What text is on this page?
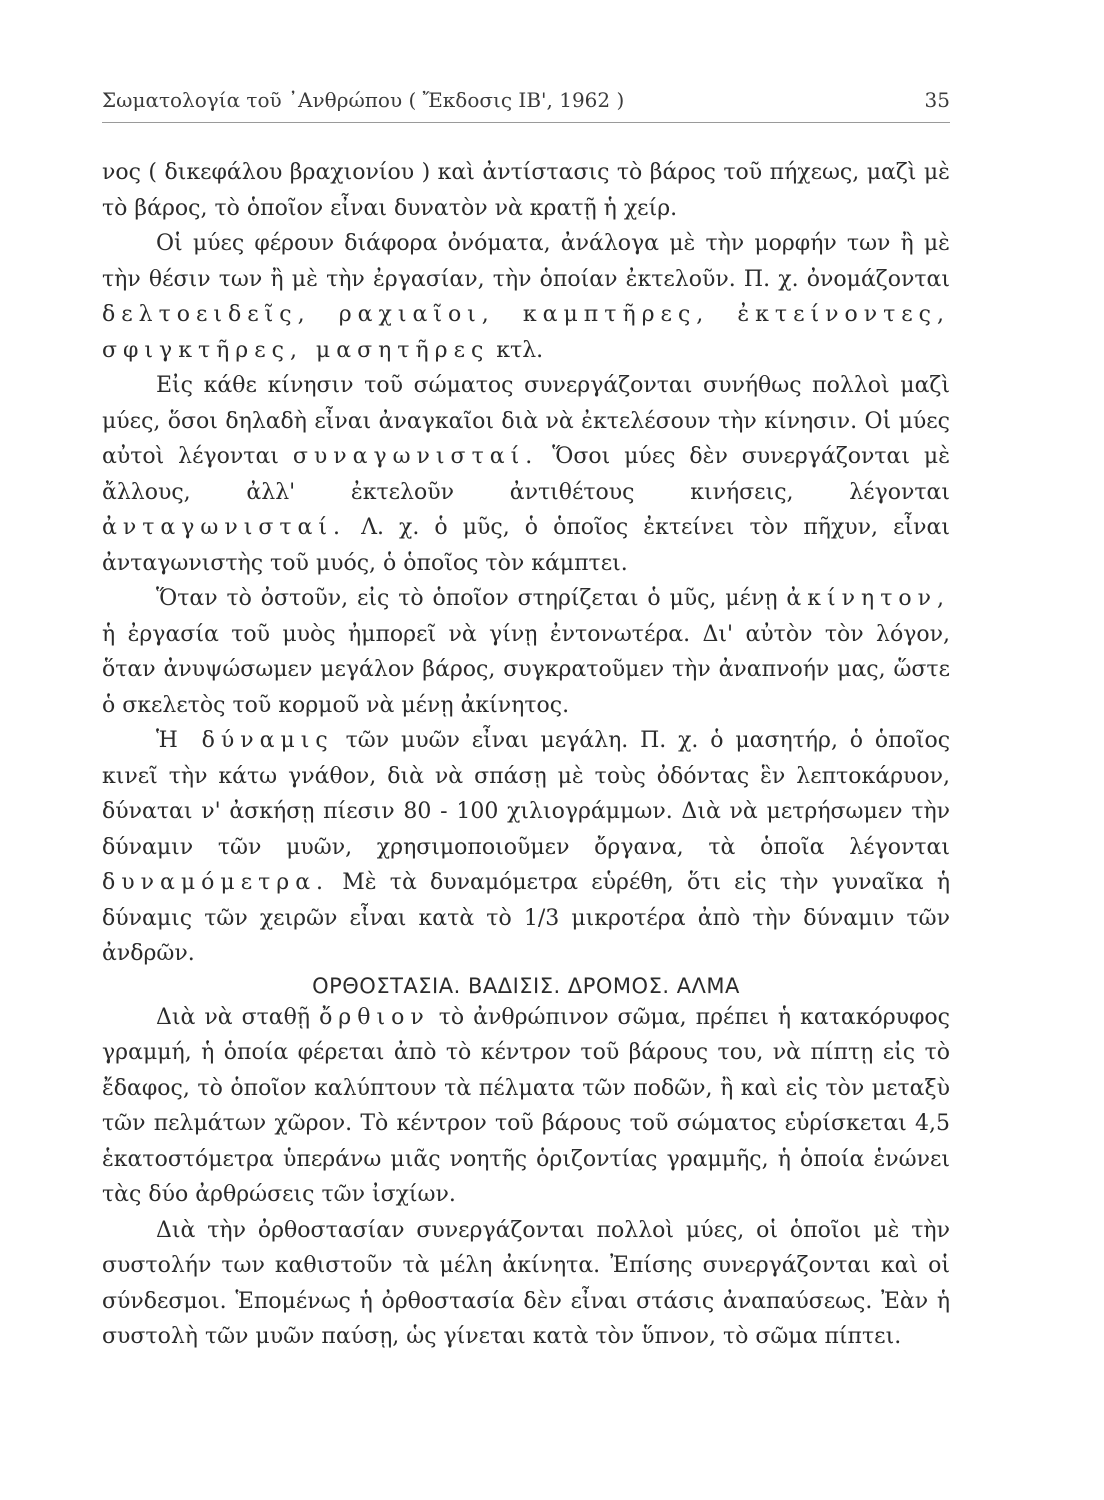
Σωματολογία τοῦ ᾿Ανθρώπου ( Ἔκδοσις ΙΒ', 1962 )	35

νος ( δικεφάλου βραχιονίου ) καὶ ἀντίστασις τὸ βάρος τοῦ πήχεως, μαζὶ μὲ τὸ βάρος, τὸ ὁποῖον εἶναι δυνατὸν νὰ κρατῇ ἡ χείρ.

Οἱ μύες φέρουν διάφορα ὀνόματα, ἀνάλογα μὲ τὴν μορφήν των ἢ μὲ τὴν θέσιν των ἢ μὲ τὴν ἐργασίαν, τὴν ὁποίαν ἐκτελοῦν. Π. χ. ὀνομάζονται δελτοειδεῖς, ραχιαῖοι, καμπτῆρες, ἐκτείνοντες, σφιγκτῆρες, μασητῆρες κτλ.

Εἰς κάθε κίνησιν τοῦ σώματος συνεργάζονται συνήθως πολλοὶ μαζὶ μύες, ὅσοι δηλαδὴ εἶναι ἀναγκαῖοι διὰ νὰ ἐκτελέσουν τὴν κίνησιν. Οἱ μύες αὐτοὶ λέγονται συναγωνισταί. Ὅσοι μύες δὲν συνεργάζονται μὲ ἄλλους, ἀλλ' ἐκτελοῦν ἀντιθέτους κινήσεις, λέγονται ἀνταγωνισταί. Λ. χ. ὁ μῦς, ὁ ὁποῖος ἐκτείνει τὸν πῆχυν, εἶναι ἀνταγωνιστὴς τοῦ μυός, ὁ ὁποῖος τὸν κάμπτει.

Ὅταν τὸ ὀστοῦν, εἰς τὸ ὁποῖον στηρίζεται ὁ μῦς, μένῃ ἀκίνητον, ἡ ἐργασία τοῦ μυὸς ἠμπορεῖ νὰ γίνῃ ἐντονωτέρα. Δι' αὐτὸν τὸν λόγον, ὅταν ἀνυψώσωμεν μεγάλον βάρος, συγκρατοῦμεν τὴν ἀναπνοήν μας, ὥστε ὁ σκελετὸς τοῦ κορμοῦ νὰ μένῃ ἀκίνητος.

Ἡ δύναμις τῶν μυῶν εἶναι μεγάλη. Π. χ. ὁ μασητήρ, ὁ ὁποῖος κινεῖ τὴν κάτω γνάθον, διὰ νὰ σπάσῃ μὲ τοὺς ὀδόντας ἓν λεπτοκάρυον, δύναται ν' ἀσκήσῃ πίεσιν 80 - 100 χιλιογράμμων. Διὰ νὰ μετρήσωμεν τὴν δύναμιν τῶν μυῶν, χρησιμοποιοῦμεν ὄργανα, τὰ ὁποῖα λέγονται δυναμόμετρα. Μὲ τὰ δυναμόμετρα εὑρέθη, ὅτι εἰς τὴν γυναῖκα ἡ δύναμις τῶν χειρῶν εἶναι κατὰ τὸ 1/3 μικροτέρα ἀπὸ τὴν δύναμιν τῶν ἀνδρῶν.

ΟΡΘΟΣΤΑΣΙΑ. ΒΑΔΙΣΙΣ. ΔΡΟΜΟΣ. ΑΛΜΑ

Διὰ νὰ σταθῇ ὄρθιον τὸ ἀνθρώπινον σῶμα, πρέπει ἡ κατακόρυφος γραμμή, ἡ ὁποία φέρεται ἀπὸ τὸ κέντρον τοῦ βάρους του, νὰ πίπτῃ εἰς τὸ ἔδαφος, τὸ ὁποῖον καλύπτουν τὰ πέλματα τῶν ποδῶν, ἢ καὶ εἰς τὸν μεταξὺ τῶν πελμάτων χῶρον. Τὸ κέντρον τοῦ βάρους τοῦ σώματος εὑρίσκεται 4,5 ἑκατοστόμετρα ὑπεράνω μιᾶς νοητῆς ὁριζοντίας γραμμῆς, ἡ ὁποία ἑνώνει τὰς δύο ἀρθρώσεις τῶν ἰσχίων.

Διὰ τὴν ὀρθοστασίαν συνεργάζονται πολλοὶ μύες, οἱ ὁποῖοι μὲ τὴν συστολήν των καθιστοῦν τὰ μέλη ἀκίνητα. Ἐπίσης συνεργάζονται καὶ οἱ σύνδεσμοι. Ἑπομένως ἡ ὀρθοστασία δὲν εἶναι στάσις ἀναπαύσεως. Ἐὰν ἡ συστολὴ τῶν μυῶν παύσῃ, ὡς γίνεται κατὰ τὸν ὕπνον, τὸ σῶμα πίπτει.
